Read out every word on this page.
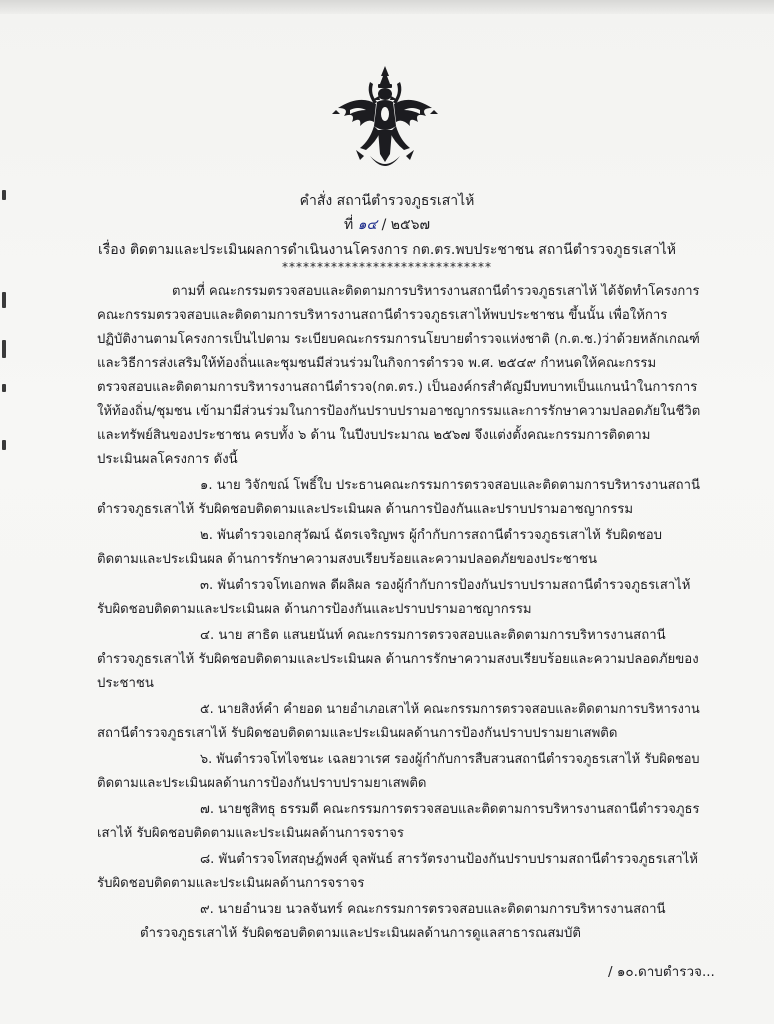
คำสั่ง สถานีตำรวจภูธรเสาไห้
ที่ ๑๔ / ๒๕๖๗
เรื่อง ติดตามและประเมินผลการดำเนินงานโครงการ กต.ตร.พบประชาชน สถานีตำรวจภูธรเสาไห้
******************************
ตามที่ คณะกรรมตรวจสอบและติดตามการบริหารงานสถานีตำรวจภูธรเสาไห้ ได้จัดทำโครงการ
คณะกรรมตรวจสอบและติดตามการบริหารงานสถานีตำรวจภูธรเสาไห้พบประชาชน ขึ้นนั้น เพื่อให้การ
ปฏิบัติงานตามโครงการเป็นไปตาม ระเบียบคณะกรรมการนโยบายตำรวจแห่งชาติ (ก.ต.ช.)ว่าด้วยหลักเกณฑ์
และวิธีการส่งเสริมให้ท้องถิ่นและชุมชนมีส่วนร่วมในกิจการตำรวจ พ.ศ. ๒๕๔๙ กำหนดให้คณะกรรม
ตรวจสอบและติดตามการบริหารงานสถานีตำรวจ(กต.ตร.) เป็นองค์กรสำคัญมีบทบาทเป็นแกนนำในการการ
ให้ท้องถิ่น/ชุมชน เข้ามามีส่วนร่วมในการป้องกันปราบปรามอาชญากรรมและการรักษาความปลอดภัยในชีวิต
และทรัพย์สินของประชาชน ครบทั้ง ๖ ด้าน ในปีงบประมาณ ๒๕๖๗ จึงแต่งตั้งคณะกรรมการติดตาม
ประเมินผลโครงการ ดังนี้
๑. นาย วิจักขณ์ โพธิ์ใบ ประธานคณะกรรมการตรวจสอบและติดตามการบริหารงานสถานี
ตำรวจภูธรเสาไห้ รับผิดชอบติดตามและประเมินผล ด้านการป้องกันและปราบปรามอาชญากรรม
๒. พันตำรวจเอกสุวัฒน์ ฉัตรเจริญพร ผู้กำกับการสถานีตำรวจภูธรเสาไห้ รับผิดชอบ
ติดตามและประเมินผล ด้านการรักษาความสงบเรียบร้อยและความปลอดภัยของประชาชน
๓. พันตำรวจโทเอกพล ดีผลิผล รองผู้กำกับการป้องกันปราบปรามสถานีตำรวจภูธรเสาไห้
รับผิดชอบติดตามและประเมินผล ด้านการป้องกันและปราบปรามอาชญากรรม
๔. นาย สาธิต แสนยนันท์ คณะกรรมการตรวจสอบและติดตามการบริหารงานสถานี
ตำรวจภูธรเสาไห้ รับผิดชอบติดตามและประเมินผล ด้านการรักษาความสงบเรียบร้อยและความปลอดภัยของ
ประชาชน
๕. นายสิงห์คำ คำยอด นายอำเภอเสาไห้ คณะกรรมการตรวจสอบและติดตามการบริหารงาน
สถานีตำรวจภูธรเสาไห้ รับผิดชอบติดตามและประเมินผลด้านการป้องกันปราบปรามยาเสพติด
๖. พันตำรวจโทไจชนะ เฉลยวาเรศ รองผู้กำกับการสืบสวนสถานีตำรวจภูธรเสาไห้ รับผิดชอบ
ติดตามและประเมินผลด้านการป้องกันปราบปรามยาเสพติด
๗. นายชูสิทธุ ธรรมดี คณะกรรมการตรวจสอบและติดตามการบริหารงานสถานีตำรวจภูธร
เสาไห้ รับผิดชอบติดตามและประเมินผลด้านการจราจร
๘. พันตำรวจโทสฤษฎ์พงศ์ จุลพันธ์ สารวัตรงานป้องกันปราบปรามสถานีตำรวจภูธรเสาไห้
รับผิดชอบติดตามและประเมินผลด้านการจราจร
๙. นายอำนวย นวลจันทร์ คณะกรรมการตรวจสอบและติดตามการบริหารงานสถานี
ตำรวจภูธรเสาไห้ รับผิดชอบติดตามและประเมินผลด้านการดูแลสาธารณสมบัติ
/ ๑๐.ดาบตำรวจ...
